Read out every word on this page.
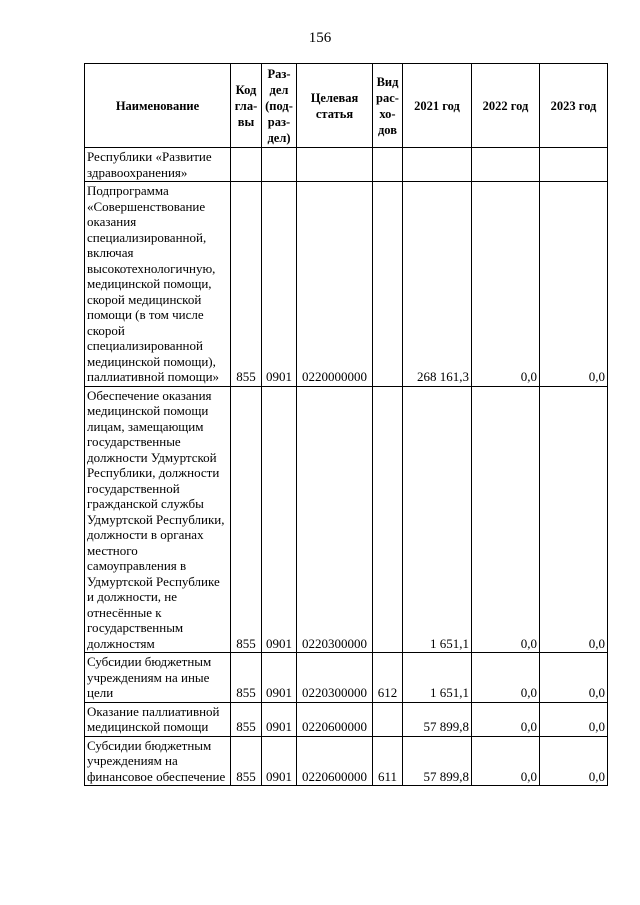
156
Наименование	Код
гла-
вы	Раз-
дел
(под-
раз-
дел)	Целевая
статья	Вид
рас-
хо-
дов	2021 год	2022 год	2023 год
Республики «Развитие здравоохранения»							
Подпрограмма «Совершенствование оказания специализированной, включая высокотехнологичную, медицинской помощи, скорой медицинской помощи (в том числе скорой специализированной медицинской помощи), паллиативной помощи»	855	0901	0220000000		268 161,3	0,0	0,0
Обеспечение оказания медицинской помощи лицам, замещающим государственные должности Удмуртской Республики, должности государственной гражданской службы Удмуртской Республики, должности в органах местного самоуправления в Удмуртской Республике и должности, не отнесённые к государственным должностям	855	0901	0220300000		1 651,1	0,0	0,0
Субсидии бюджетным учреждениям на иные цели	855	0901	0220300000	612	1 651,1	0,0	0,0
Оказание паллиативной медицинской помощи	855	0901	0220600000		57 899,8	0,0	0,0
Субсидии бюджетным учреждениям на финансовое обеспечение	855	0901	0220600000	611	57 899,8	0,0	0,0
